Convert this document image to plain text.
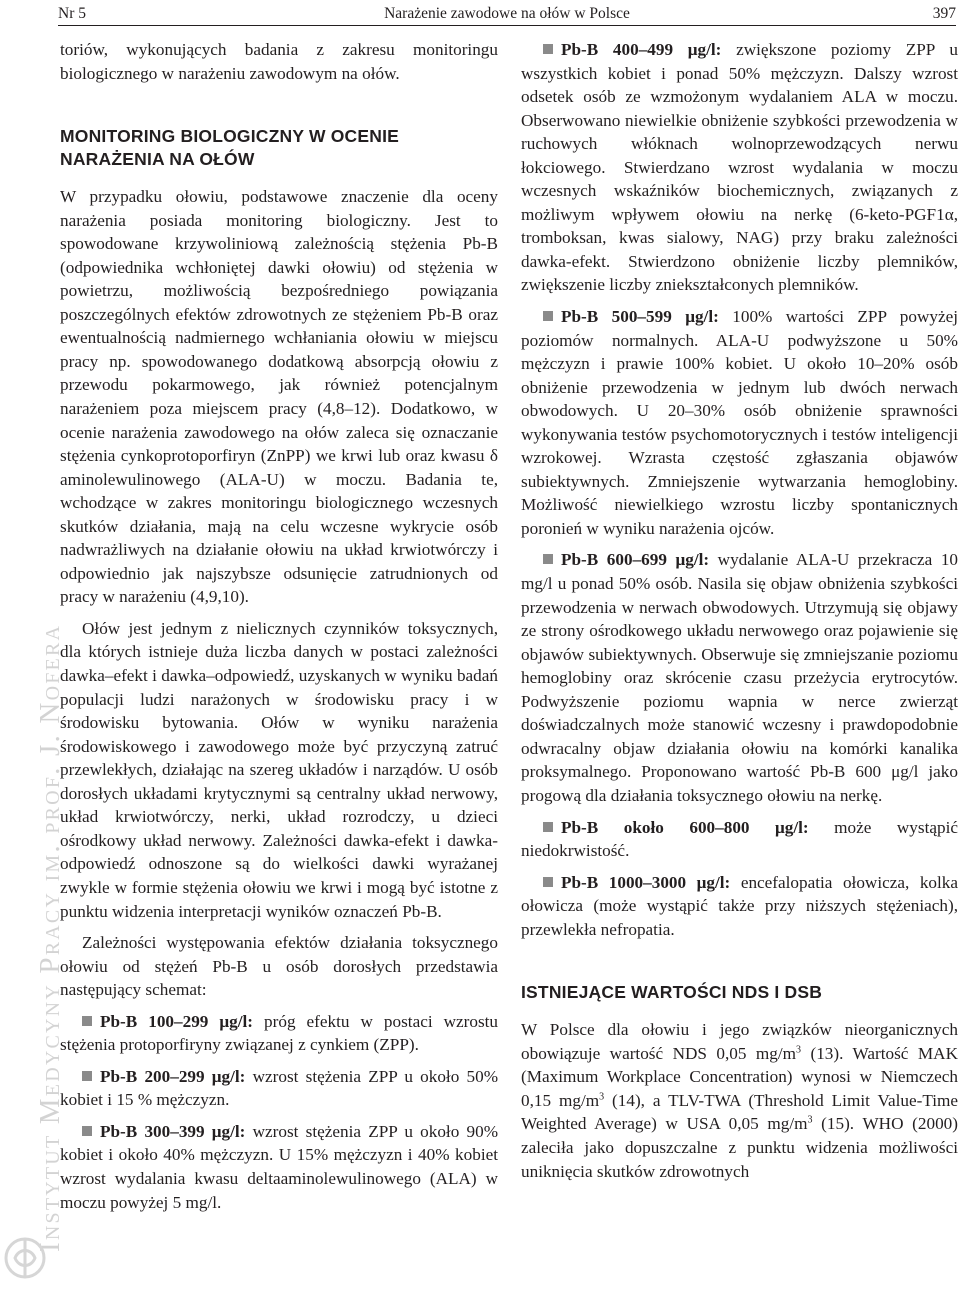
Nr 5	Narażenie zawodowe na ołów w Polsce	397
Instytut Medycyny Pracy im. prof. J. Nofera

toriów, wykonujących badania z zakresu monitoringu biologicznego w narażeniu zawodowym na ołów.

MONITORING BIOLOGICZNY W OCENIE NARAŻENIA NA OŁÓW

W przypadku ołowiu, podstawowe znaczenie dla oceny narażenia posiada monitoring biologiczny. Jest to spowodowane krzywoliniową zależnością stężenia Pb-B (odpowiednika wchłoniętej dawki ołowiu) od stężenia w powietrzu, możliwością bezpośredniego powiązania poszczególnych efektów zdrowotnych ze stężeniem Pb-B oraz ewentualnością nadmiernego wchłaniania ołowiu w miejscu pracy np. spowodowanego dodatkową absorpcją ołowiu z przewodu pokarmowego, jak również potencjalnym narażeniem poza miejscem pracy (4,8–12). Dodatkowo, w ocenie narażenia zawodowego na ołów zaleca się oznaczanie stężenia cynkoprotoporfiryn (ZnPP) we krwi lub oraz kwasu δ aminolewulinowego (ALA-U) w moczu. Badania te, wchodzące w zakres monitoringu biologicznego wczesnych skutków działania, mają na celu wczesne wykrycie osób nadwrażliwych na działanie ołowiu na układ krwiotwórczy i odpowiednio jak najszybsze odsunięcie zatrudnionych od pracy w narażeniu (4,9,10).

Ołów jest jednym z nielicznych czynników toksycznych, dla których istnieje duża liczba danych w postaci zależności dawka–efekt i dawka–odpowiedź, uzyskanych w wyniku badań populacji ludzi narażonych w środowisku pracy i w środowisku bytowania. Ołów w wyniku narażenia środowiskowego i zawodowego może być przyczyną zatruć przewlekłych, działając na szereg układów i narządów. U osób dorosłych układami krytycznymi są centralny układ nerwowy, układ krwiotwórczy, nerki, układ rozrodczy, u dzieci ośrodkowy układ nerwowy. Zależności dawka-efekt i dawka-odpowiedź odnoszone są do wielkości dawki wyrażanej zwykle w formie stężenia ołowiu we krwi i mogą być istotne z punktu widzenia interpretacji wyników oznaczeń Pb-B.

Zależności występowania efektów działania toksycznego ołowiu od stężeń Pb-B u osób dorosłych przedstawia następujący schemat:

Pb-B 100–299 μg/l: próg efektu w postaci wzrostu stężenia protoporfiryny związanej z cynkiem (ZPP).

Pb-B 200–299 μg/l: wzrost stężenia ZPP u około 50% kobiet i 15 % mężczyzn.

Pb-B 300–399 μg/l: wzrost stężenia ZPP u około 90% kobiet i około 40% mężczyzn. U 15% mężczyzn i 40% kobiet wzrost wydalania kwasu deltaaminolewulinowego (ALA) w moczu powyżej 5 mg/l.

Pb-B 400–499 μg/l: zwiększone poziomy ZPP u wszystkich kobiet i ponad 50% mężczyzn. Dalszy wzrost odsetek osób ze wzmożonym wydalaniem ALA w moczu. Obserwowano niewielkie obniżenie szybkości przewodzenia w ruchowych włóknach wolnoprzewodzących nerwu łokciowego. Stwierdzano wzrost wydalania w moczu wczesnych wskaźników biochemicznych, związanych z możliwym wpływem ołowiu na nerkę (6-keto-PGF1α, tromboksan, kwas sialowy, NAG) przy braku zależności dawka-efekt. Stwierdzono obniżenie liczby plemników, zwiększenie liczby zniekształconych plemników.

Pb-B 500–599 μg/l: 100% wartości ZPP powyżej poziomów normalnych. ALA-U podwyższone u 50% mężczyzn i prawie 100% kobiet. U około 10–20% osób obniżenie przewodzenia w jednym lub dwóch nerwach obwodowych. U 20–30% osób obniżenie sprawności wykonywania testów psychomotorycznych i testów inteligencji wzrokowej. Wzrasta częstość zgłaszania objawów subiektywnych. Zmniejszenie wytwarzania hemoglobiny. Możliwość niewielkiego wzrostu liczby spontanicznych poronień w wyniku narażenia ojców.

Pb-B 600–699 μg/l: wydalanie ALA-U przekracza 10 mg/l u ponad 50% osób. Nasila się objaw obniżenia szybkości przewodzenia w nerwach obwodowych. Utrzymują się objawy ze strony ośrodkowego układu nerwowego oraz pojawienie się objawów subiektywnych. Obserwuje się zmniejszanie poziomu hemoglobiny oraz skrócenie czasu przeżycia erytrocytów. Podwyższenie poziomu wapnia w nerce zwierząt doświadczalnych może stanowić wczesny i prawdopodobnie odwracalny objaw działania ołowiu na komórki kanalika proksymalnego. Proponowano wartość Pb-B 600 μg/l jako progową dla działania toksycznego ołowiu na nerkę.

Pb-B około 600–800 μg/l: może wystąpić niedokrwistość.

Pb-B 1000–3000 μg/l: encefalopatia ołowicza, kolka ołowicza (może wystąpić także przy niższych stężeniach), przewlekła nefropatia.

ISTNIEJĄCE WARTOŚCI NDS I DSB

W Polsce dla ołowiu i jego związków nieorganicznych obowiązuje wartość NDS 0,05 $mg/m^3$ (13). Wartość MAK (Maximum Workplace Concentration) wynosi w Niemczech 0,15 $mg/m^3$ (14), a TLV-TWA (Threshold Limit Value-Time Weighted Average) w USA 0,05 $mg/m^3$ (15). WHO (2000) zaleciła jako dopuszczalne z punktu widzenia możliwości uniknięcia skutków zdrowotnych
